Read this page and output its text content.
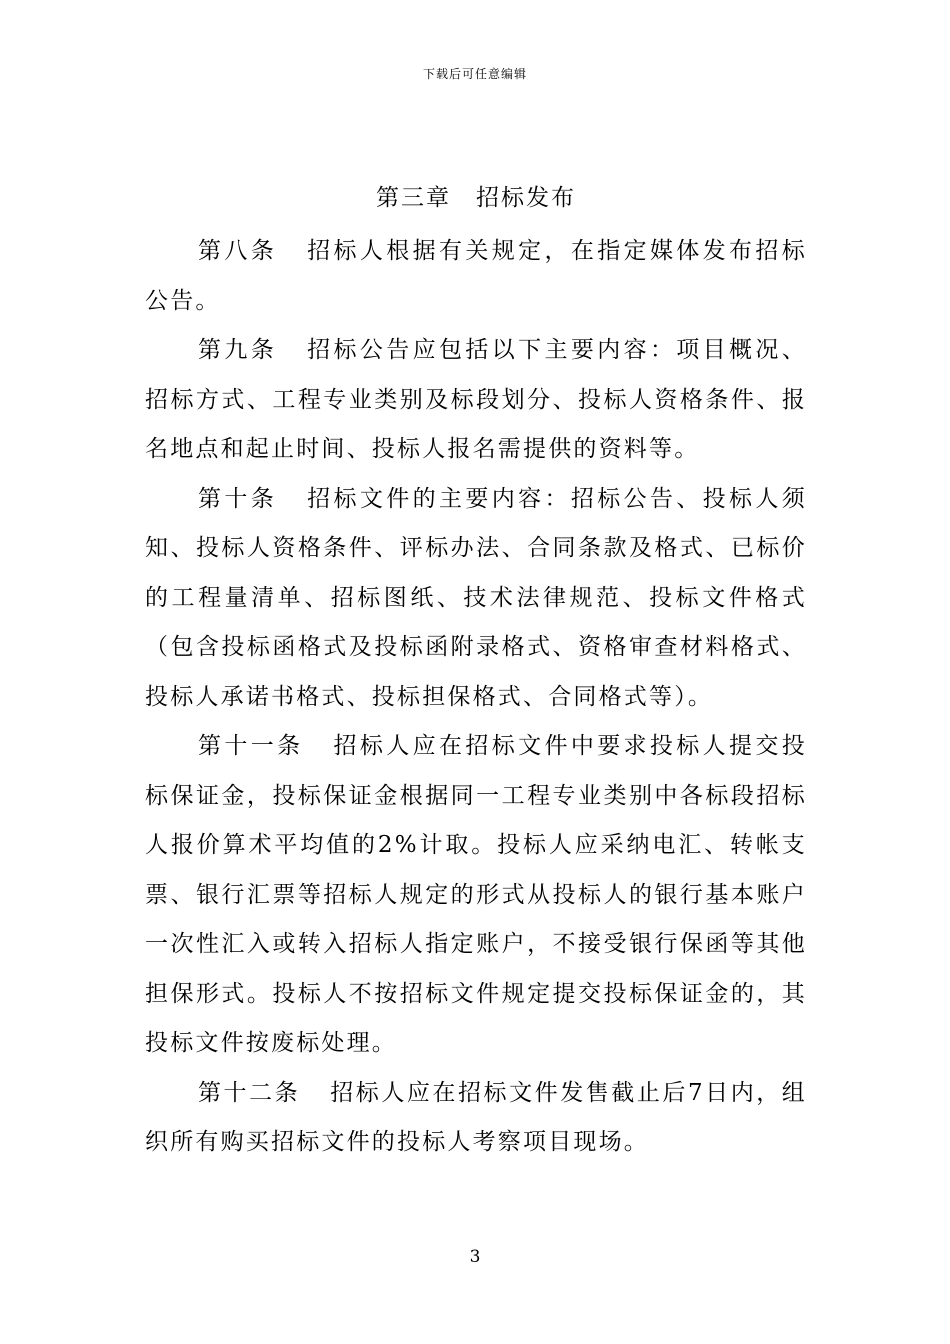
下载后可任意编辑
第三章　招标发布

第八条 招标人根据有关规定，在指定媒体发布招标公告。

第九条 招标公告应包括以下主要内容：项目概况、招标方式、工程专业类别及标段划分、投标人资格条件、报名地点和起止时间、投标人报名需提供的资料等。

第十条 招标文件的主要内容：招标公告、投标人须知、投标人资格条件、评标办法、合同条款及格式、已标价的工程量清单、招标图纸、技术法律规范、投标文件格式（包含投标函格式及投标函附录格式、资格审查材料格式、投标人承诺书格式、投标担保格式、合同格式等）。

第十一条 招标人应在招标文件中要求投标人提交投标保证金，投标保证金根据同一工程专业类别中各标段招标人报价算术平均值的2%计取。投标人应采纳电汇、转帐支票、银行汇票等招标人规定的形式从投标人的银行基本账户一次性汇入或转入招标人指定账户，不接受银行保函等其他担保形式。投标人不按招标文件规定提交投标保证金的，其投标文件按废标处理。

第十二条 招标人应在招标文件发售截止后7日内，组织所有购买招标文件的投标人考察项目现场。

3
